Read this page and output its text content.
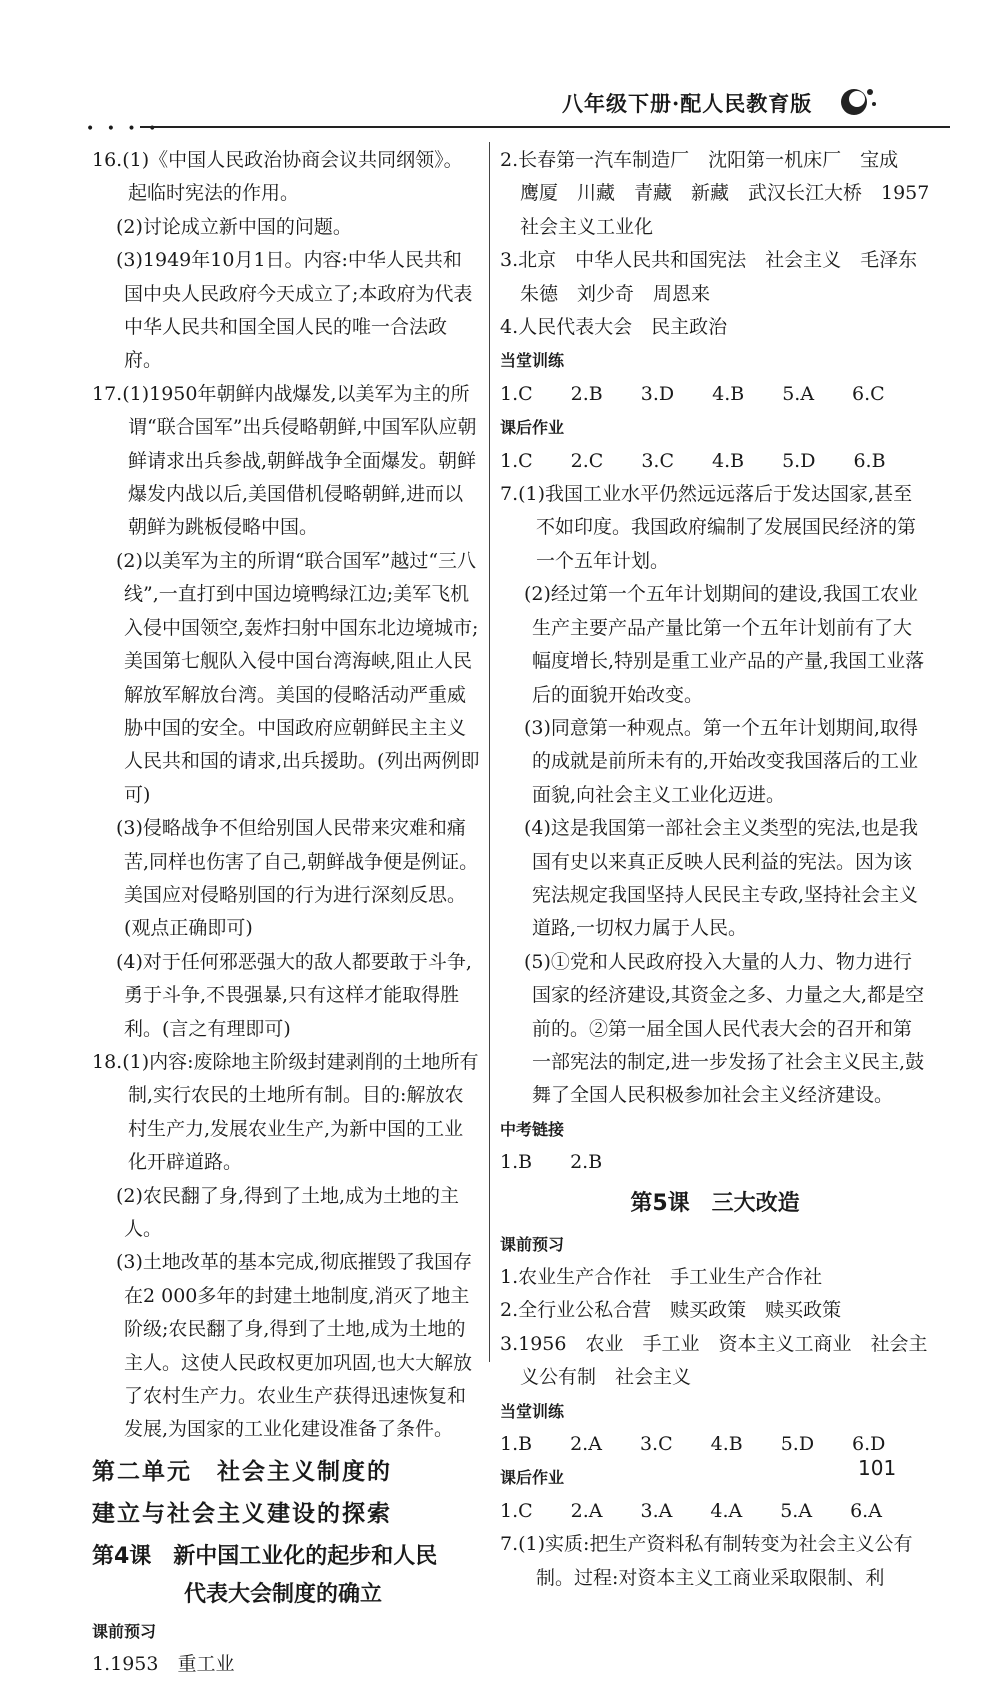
八年级下册·配人民教育版
• • • •

16.(1)《中国人民政治协商会议共同纲领》。起临时宪法的作用。

(2)讨论成立新中国的问题。

(3)1949年10月1日。内容:中华人民共和国中央人民政府今天成立了;本政府为代表中华人民共和国全国人民的唯一合法政府。

17.(1)1950年朝鲜内战爆发,以美军为主的所谓“联合国军”出兵侵略朝鲜,中国军队应朝鲜请求出兵参战,朝鲜战争全面爆发。朝鲜爆发内战以后,美国借机侵略朝鲜,进而以朝鲜为跳板侵略中国。

(2)以美军为主的所谓“联合国军”越过“三八线”,一直打到中国边境鸭绿江边;美军飞机入侵中国领空,轰炸扫射中国东北边境城市;美国第七舰队入侵中国台湾海峡,阻止人民解放军解放台湾。美国的侵略活动严重威胁中国的安全。中国政府应朝鲜民主主义人民共和国的请求,出兵援助。(列出两例即可)

(3)侵略战争不但给别国人民带来灾难和痛苦,同样也伤害了自己,朝鲜战争便是例证。美国应对侵略别国的行为进行深刻反思。(观点正确即可)

(4)对于任何邪恶强大的敌人都要敢于斗争,勇于斗争,不畏强暴,只有这样才能取得胜利。(言之有理即可)

18.(1)内容:废除地主阶级封建剥削的土地所有制,实行农民的土地所有制。目的:解放农村生产力,发展农业生产,为新中国的工业化开辟道路。

(2)农民翻了身,得到了土地,成为土地的主人。

(3)土地改革的基本完成,彻底摧毁了我国存在2 000多年的封建土地制度,消灭了地主阶级;农民翻了身,得到了土地,成为土地的主人。这使人民政权更加巩固,也大大解放了农村生产力。农业生产获得迅速恢复和发展,为国家的工业化建设准备了条件。

第二单元　社会主义制度的

建立与社会主义建设的探索

第4课　新中国工业化的起步和人民

代表大会制度的确立

课前预习

1.1953　重工业

2.长春第一汽车制造厂　沈阳第一机床厂　宝成　鹰厦　川藏　青藏　新藏　武汉长江大桥　1957　社会主义工业化

3.北京　中华人民共和国宪法　社会主义　毛泽东　朱德　刘少奇　周恩来

4.人民代表大会　民主政治

当堂训练

1.C　　2.B　　3.D　　4.B　　5.A　　6.C

课后作业

1.C　　2.C　　3.C　　4.B　　5.D　　6.B

7.(1)我国工业水平仍然远远落后于发达国家,甚至不如印度。我国政府编制了发展国民经济的第一个五年计划。

(2)经过第一个五年计划期间的建设,我国工农业生产主要产品产量比第一个五年计划前有了大幅度增长,特别是重工业产品的产量,我国工业落后的面貌开始改变。

(3)同意第一种观点。第一个五年计划期间,取得的成就是前所未有的,开始改变我国落后的工业面貌,向社会主义工业化迈进。

(4)这是我国第一部社会主义类型的宪法,也是我国有史以来真正反映人民利益的宪法。因为该宪法规定我国坚持人民民主专政,坚持社会主义道路,一切权力属于人民。

(5)①党和人民政府投入大量的人力、物力进行国家的经济建设,其资金之多、力量之大,都是空前的。②第一届全国人民代表大会的召开和第一部宪法的制定,进一步发扬了社会主义民主,鼓舞了全国人民积极参加社会主义经济建设。

中考链接

1.B　　2.B

第5课　三大改造

课前预习

1.农业生产合作社　手工业生产合作社

2.全行业公私合营　赎买政策　赎买政策

3.1956　农业　手工业　资本主义工商业　社会主义公有制　社会主义

当堂训练

1.B　　2.A　　3.C　　4.B　　5.D　　6.D

课后作业

1.C　　2.A　　3.A　　4.A　　5.A　　6.A

7.(1)实质:把生产资料私有制转变为社会主义公有制。过程:对资本主义工商业采取限制、利

101
